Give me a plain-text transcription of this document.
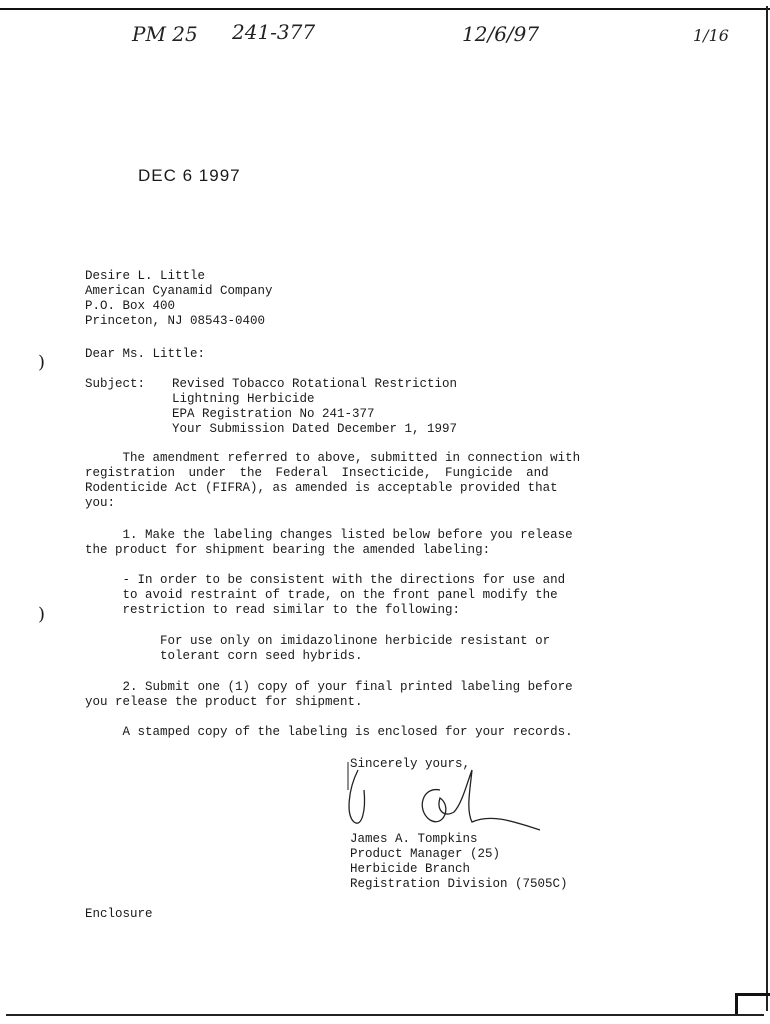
PM 25 241-377	12/6/97	1/16
DEC 6 1997
Desire L. Little
American Cyanamid Company
P.O. Box 400
Princeton, NJ 08543-0400
Dear Ms. Little:
)
)
Subject: Revised Tobacco Rotational Restriction
Lightning Herbicide
EPA Registration No 241-377
Your Submission Dated December 1, 1997
The amendment referred to above, submitted in connection with
registration under the Federal Insecticide, Fungicide and
Rodenticide Act (FIFRA), as amended is acceptable provided that
you:
1. Make the labeling changes listed below before you release
the product for shipment bearing the amended labeling:
- In order to be consistent with the directions for use and
to avoid restraint of trade, on the front panel modify the
restriction to read similar to the following:
For use only on imidazolinone herbicide resistant or
tolerant corn seed hybrids.
2. Submit one (1) copy of your final printed labeling before
you release the product for shipment.
A stamped copy of the labeling is enclosed for your records.
Sincerely yours,
James A. Tompkins
Product Manager (25)
Herbicide Branch
Registration Division (7505C)
Enclosure
